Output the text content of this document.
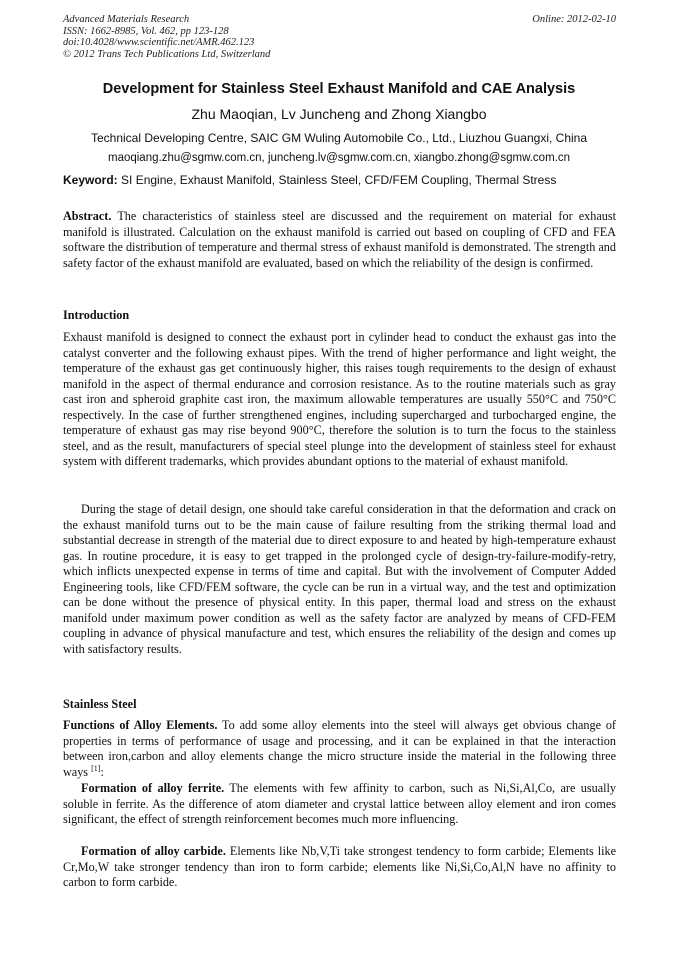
Advanced Materials Research
ISSN: 1662-8985, Vol. 462, pp 123-128
doi:10.4028/www.scientific.net/AMR.462.123
© 2012 Trans Tech Publications Ltd, Switzerland
Online: 2012-02-10
Development for Stainless Steel Exhaust Manifold and CAE Analysis
Zhu Maoqian, Lv Juncheng and Zhong Xiangbo
Technical Developing Centre, SAIC GM Wuling Automobile Co., Ltd., Liuzhou Guangxi, China
maoqiang.zhu@sgmw.com.cn, juncheng.lv@sgmw.com.cn, xiangbo.zhong@sgmw.com.cn
Keyword: SI Engine, Exhaust Manifold, Stainless Steel, CFD/FEM Coupling, Thermal Stress

Abstract. The characteristics of stainless steel are discussed and the requirement on material for exhaust manifold is illustrated. Calculation on the exhaust manifold is carried out based on coupling of CFD and FEA software the distribution of temperature and thermal stress of exhaust manifold is demonstrated. The strength and safety factor of the exhaust manifold are evaluated, based on which the reliability of the design is confirmed.

Introduction

Exhaust manifold is designed to connect the exhaust port in cylinder head to conduct the exhaust gas into the catalyst converter and the following exhaust pipes. With the trend of higher performance and light weight, the temperature of the exhaust gas get continuously higher, this raises tough requirements to the design of exhaust manifold in the aspect of thermal endurance and corrosion resistance. As to the routine materials such as gray cast iron and spheroid graphite cast iron, the maximum allowable temperatures are usually 550°C and 750°C respectively. In the case of further strengthened engines, including supercharged and turbocharged engine, the temperature of exhaust gas may rise beyond 900°C, therefore the solution is to turn the focus to the stainless steel, and as the result, manufacturers of special steel plunge into the development of stainless steel for exhaust system with different trademarks, which provides abundant options to the material of exhaust manifold.

During the stage of detail design, one should take careful consideration in that the deformation and crack on the exhaust manifold turns out to be the main cause of failure resulting from the striking thermal load and substantial decrease in strength of the material due to direct exposure to and heated by high-temperature exhaust gas. In routine procedure, it is easy to get trapped in the prolonged cycle of design-try-failure-modify-retry, which inflicts unexpected expense in terms of time and capital. But with the involvement of Computer Added Engineering tools, like CFD/FEM software, the cycle can be run in a virtual way, and the test and optimization can be done without the presence of physical entity. In this paper, thermal load and stress on the exhaust manifold under maximum power condition as well as the safety factor are analyzed by means of CFD-FEM coupling in advance of physical manufacture and test, which ensures the reliability of the design and comes up with satisfactory results.

Stainless Steel

Functions of Alloy Elements. To add some alloy elements into the steel will always get obvious change of properties in terms of performance of usage and processing, and it can be explained in that the interaction between iron,carbon and alloy elements change the micro structure inside the material in the following three ways [1]:

Formation of alloy ferrite. The elements with few affinity to carbon, such as Ni,Si,Al,Co, are usually soluble in ferrite. As the difference of atom diameter and crystal lattice between alloy element and iron comes significant, the effect of strength reinforcement becomes much more influencing.

Formation of alloy carbide. Elements like Nb,V,Ti take strongest tendency to form carbide; Elements like Cr,Mo,W take stronger tendency than iron to form carbide; elements like Ni,Si,Co,Al,N have no affinity to carbon to form carbide.
